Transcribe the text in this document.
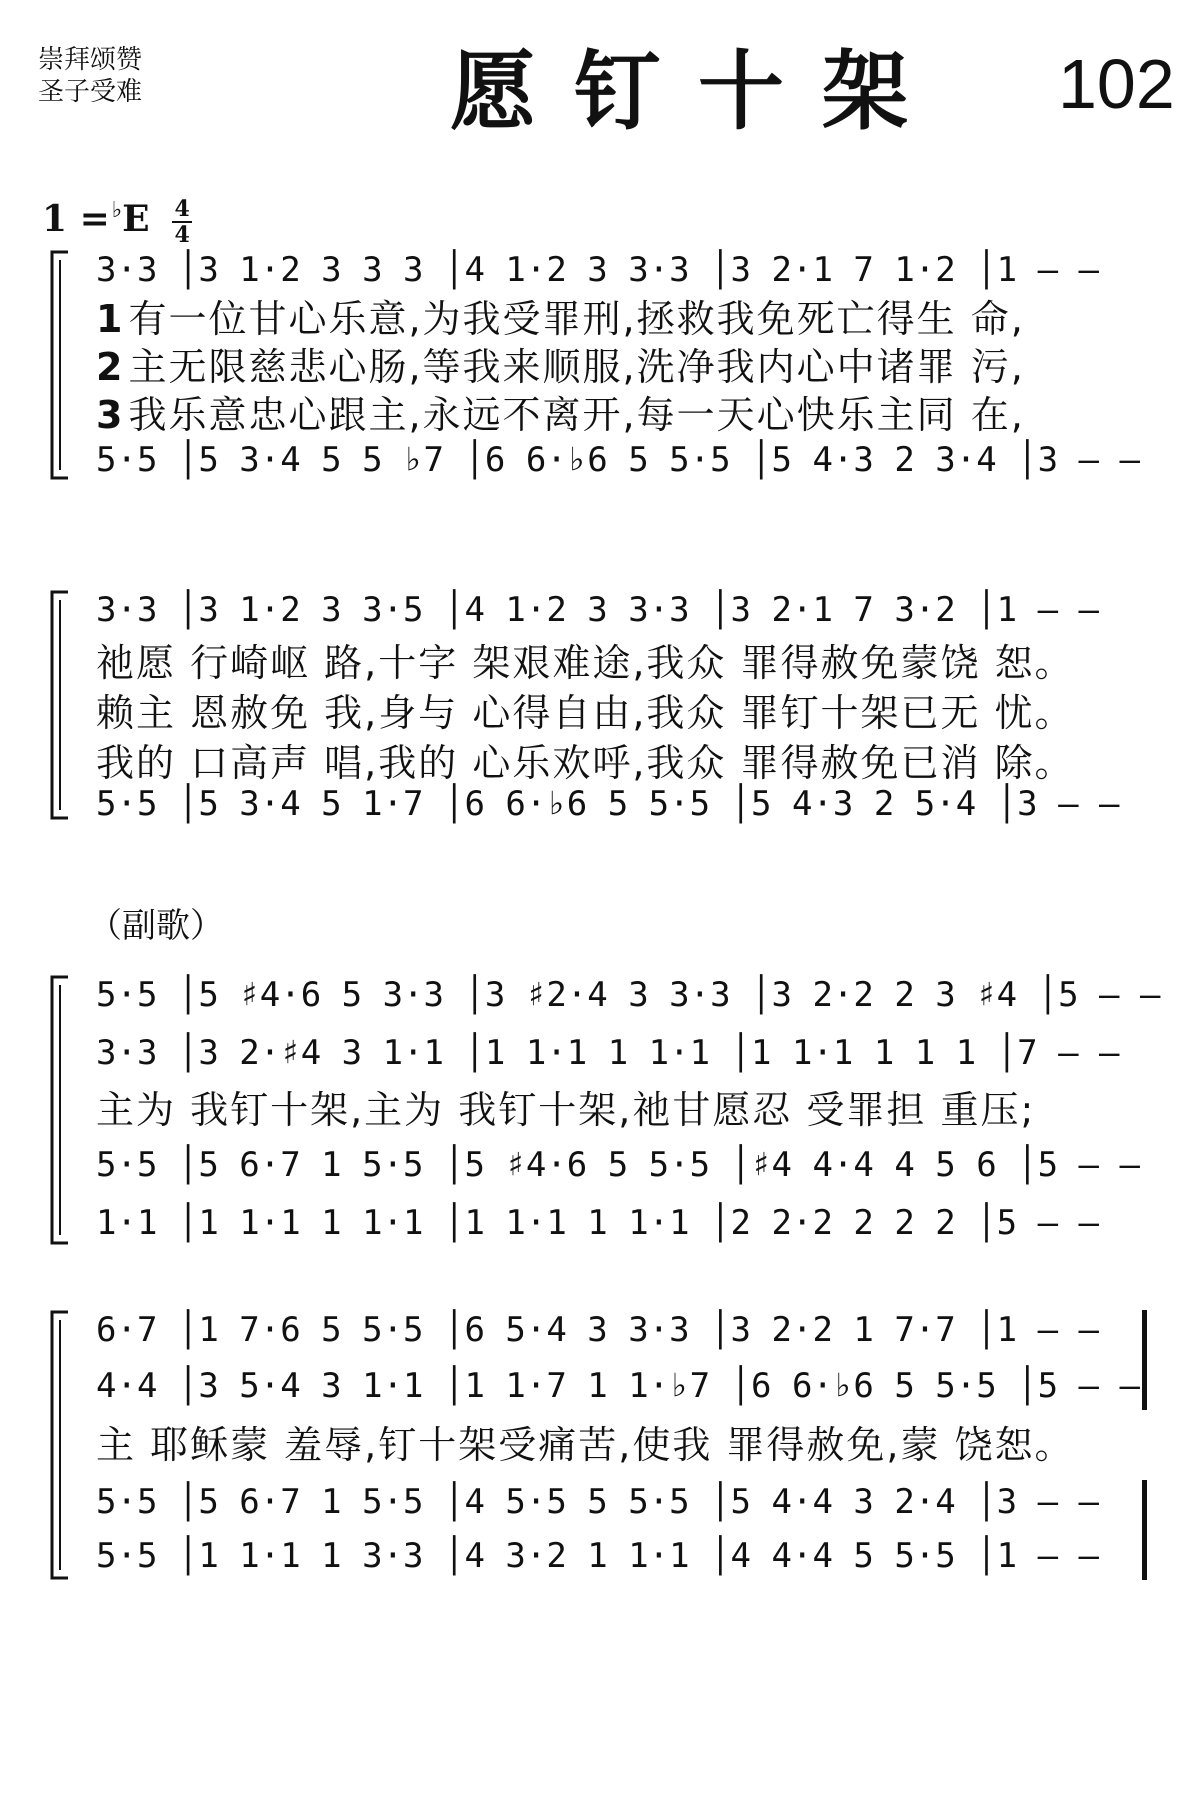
崇拜颂赞
圣子受难	愿钉十架 102
$1 =^♭E \frac{4}{4}$
3·3 │3 1·2 3 3 3 │4 1·2 3 3·3 │3 2·1 7 1·2 │1 – –
1 有一位甘心乐意,为我受罪刑,拯救我免死亡得生 命,
2 主无限慈悲心肠,等我来顺服,洗净我内心中诸罪 污,
3 我乐意忠心跟主,永远不离开,每一天心快乐主同 在,
5·5 │5 3·4 5 5 ♭7 │6 6·♭6 5 5·5 │5 4·3 2 3·4 │3 – –
3·3 │3 1·2 3 3·5 │4 1·2 3 3·3 │3 2·1 7 3·2 │1 – –
祂愿 行崎岖 路,十字 架艰难途,我众 罪得赦免蒙饶 恕。
赖主 恩赦免 我,身与 心得自由,我众 罪钉十架已无 忧。
我的 口高声 唱,我的 心乐欢呼,我众 罪得赦免已消 除。
5·5 │5 3·4 5 1·7 │6 6·♭6 5 5·5 │5 4·3 2 5·4 │3 – –
（副歌）
5·5 │5 ♯4·6 5 3·3 │3 ♯2·4 3 3·3 │3 2·2 2 3 ♯4 │5 – –
3·3 │3 2·♯4 3 1·1 │1 1·1 1 1·1 │1 1·1 1 1 1 │7 – –
主为 我钉十架,主为 我钉十架,祂甘愿忍 受罪担 重压;
5·5 │5 6·7 1 5·5 │5 ♯4·6 5 5·5 │♯4 4·4 4 5 6 │5 – –
1·1 │1 1·1 1 1·1 │1 1·1 1 1·1 │2 2·2 2 2 2 │5 – –
6·7 │1 7·6 5 5·5 │6 5·4 3 3·3 │3 2·2 1 7·7 │1 – –
4·4 │3 5·4 3 1·1 │1 1·7 1 1·♭7 │6 6·♭6 5 5·5 │5 – –
主 耶稣蒙 羞辱,钉十架受痛苦,使我 罪得赦免,蒙 饶恕。
5·5 │5 6·7 1 5·5 │4 5·5 5 5·5 │5 4·4 3 2·4 │3 – –
5·5 │1 1·1 1 3·3 │4 3·2 1 1·1 │4 4·4 5 5·5 │1 – –
